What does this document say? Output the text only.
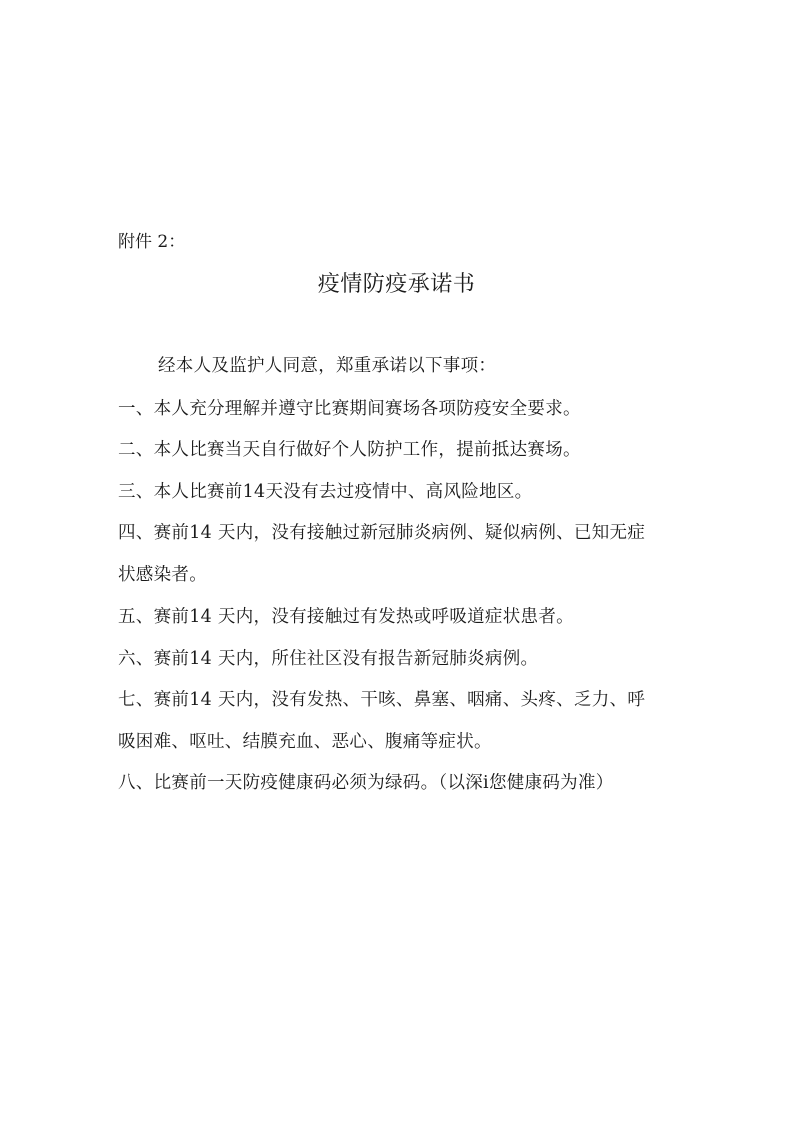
附件 2：
疫情防疫承诺书
经本人及监护人同意，郑重承诺以下事项：
一、本人充分理解并遵守比赛期间赛场各项防疫安全要求。
二、本人比赛当天自行做好个人防护工作，提前抵达赛场。
三、本人比赛前14天没有去过疫情中、高风险地区。
四、赛前14 天内，没有接触过新冠肺炎病例、疑似病例、已知无症
状感染者。
五、赛前14 天内，没有接触过有发热或呼吸道症状患者。
六、赛前14 天内，所住社区没有报告新冠肺炎病例。
七、赛前14 天内，没有发热、干咳、鼻塞、咽痛、头疼、乏力、呼
吸困难、呕吐、结膜充血、恶心、腹痛等症状。
八、比赛前一天防疫健康码必须为绿码。（以深i您健康码为准）
